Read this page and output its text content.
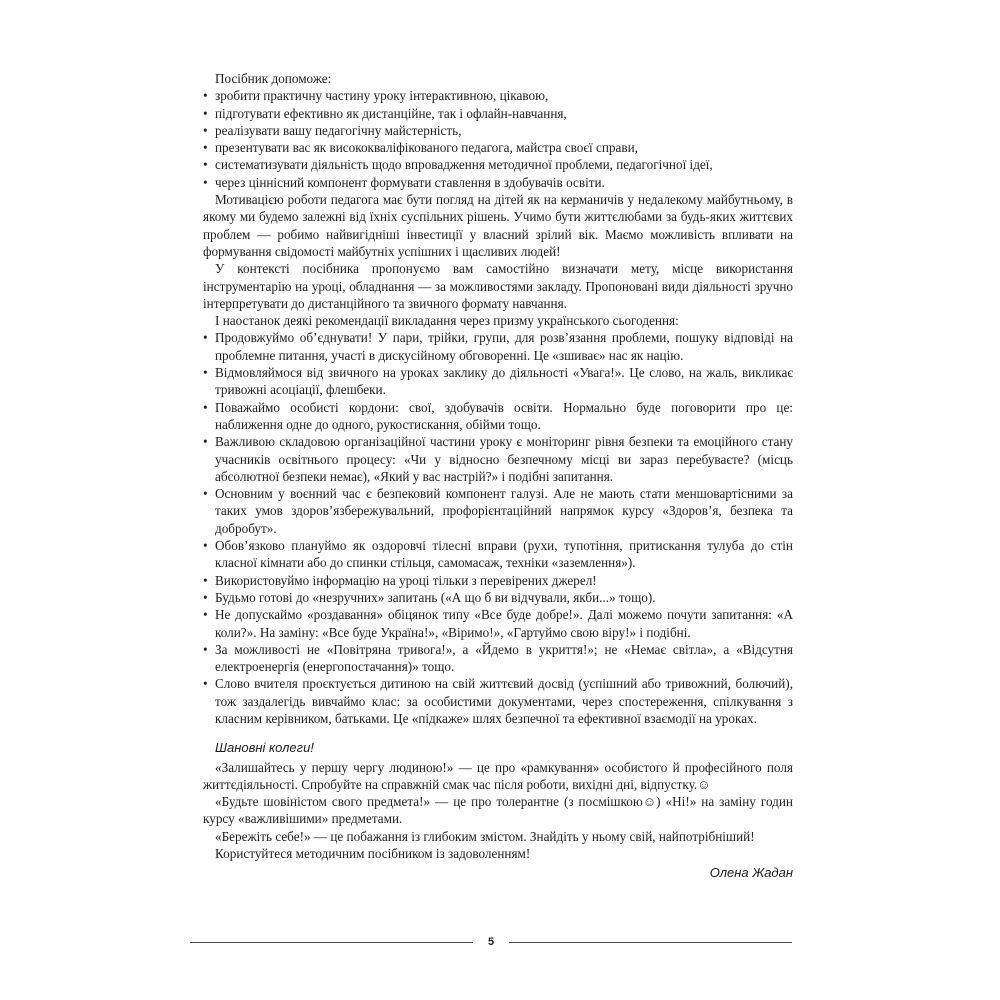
Посібник допоможе:

• зробити практичну частину уроку інтерактивною, цікавою,
• підготувати ефективно як дистанційне, так і офлайн-навчання,
• реалізувати вашу педагогічну майстерність,
• презентувати вас як висококваліфікованого педагога, майстра своєї справи,
• систематизувати діяльність щодо впровадження методичної проблеми, педагогічної ідеї,
• через ціннісний компонент формувати ставлення в здобувачів освіти.

Мотивацією роботи педагога має бути погляд на дітей як на керманичів у недалекому майбутньому, в якому ми будемо залежні від їхніх суспільних рішень. Учимо бути життєлюбами за будь-яких життєвих проблем — робимо найвигідніші інвестиції у власний зрілий вік. Маємо можливість впливати на формування свідомості майбутніх успішних і щасливих людей!

У контексті посібника пропонуємо вам самостійно визначати мету, місце використання інструментарію на уроці, обладнання — за можливостями закладу. Пропоновані види діяльності зручно інтерпретувати до дистанційного та звичного формату навчання.

І наостанок деякі рекомендації викладання через призму українського сьогодення:

• Продовжуймо об’єднувати! У пари, трійки, групи, для розв’язання проблеми, пошуку відповіді на проблемне питання, участі в дискусійному обговоренні. Це «зшиває» нас як націю.
• Відмовляймося від звичного на уроках заклику до діяльності «Увага!». Це слово, на жаль, викликає тривожні асоціації, флешбеки.
• Поважаймо особисті кордони: свої, здобувачів освіти. Нормально буде поговорити про це: наближення одне до одного, рукостискання, обійми тощо.
• Важливою складовою організаційної частини уроку є моніторинг рівня безпеки та емоційного стану учасників освітнього процесу: «Чи у відносно безпечному місці ви зараз перебуваєте? (місць абсолютної безпеки немає), «Який у вас настрій?» і подібні запитання.
• Основним у воєнний час є безпековий компонент галузі. Але не мають стати меншовартісними за таких умов здоров’язбережувальний, профорієнтаційний напрямок курсу «Здоров’я, безпека та добробут».
• Обов’язково плануймо як оздоровчі тілесні вправи (рухи, тупотіння, притискання тулуба до стін класної кімнати або до спинки стільця, самомасаж, техніки «заземлення»).
• Використовуймо інформацію на уроці тільки з перевірених джерел!
• Будьмо готові до «незручних» запитань («А що б ви відчували, якби...» тощо).
• Не допускаймо «роздавання» обіцянок типу «Все буде добре!». Далі можемо почути запитання: «А коли?». На заміну: «Все буде Україна!», «Віримо!», «Гартуймо свою віру!» і подібні.
• За можливості не «Повітряна тривога!», а «Йдемо в укриття!»; не «Немає світла», а «Відсутня електроенергія (енергопостачання)» тощо.
• Слово вчителя проєктується дитиною на свій життєвий досвід (успішний або тривожний, болючий), тож заздалегідь вивчаймо клас: за особистими документами, через спостереження, спілкування з класним керівником, батьками. Це «підкаже» шлях безпечної та ефективної взаємодії на уроках.

Шановні колеги!

«Залишайтесь у першу чергу людиною!» — це про «рамкування» особистого й професійного поля життєдіяльності. Спробуйте на справжній смак час після роботи, вихідні дні, відпустку.☺

«Будьте шовіністом свого предмета!» — це про толерантне (з посмішкою☺) «Ні!» на заміну годин курсу «важливішими» предметами.

«Бережіть себе!» — це побажання із глибоким змістом. Знайдіть у ньому свій, найпотрібніший!

Користуйтеся методичним посібником із задоволенням!

Олена Жадан

5
